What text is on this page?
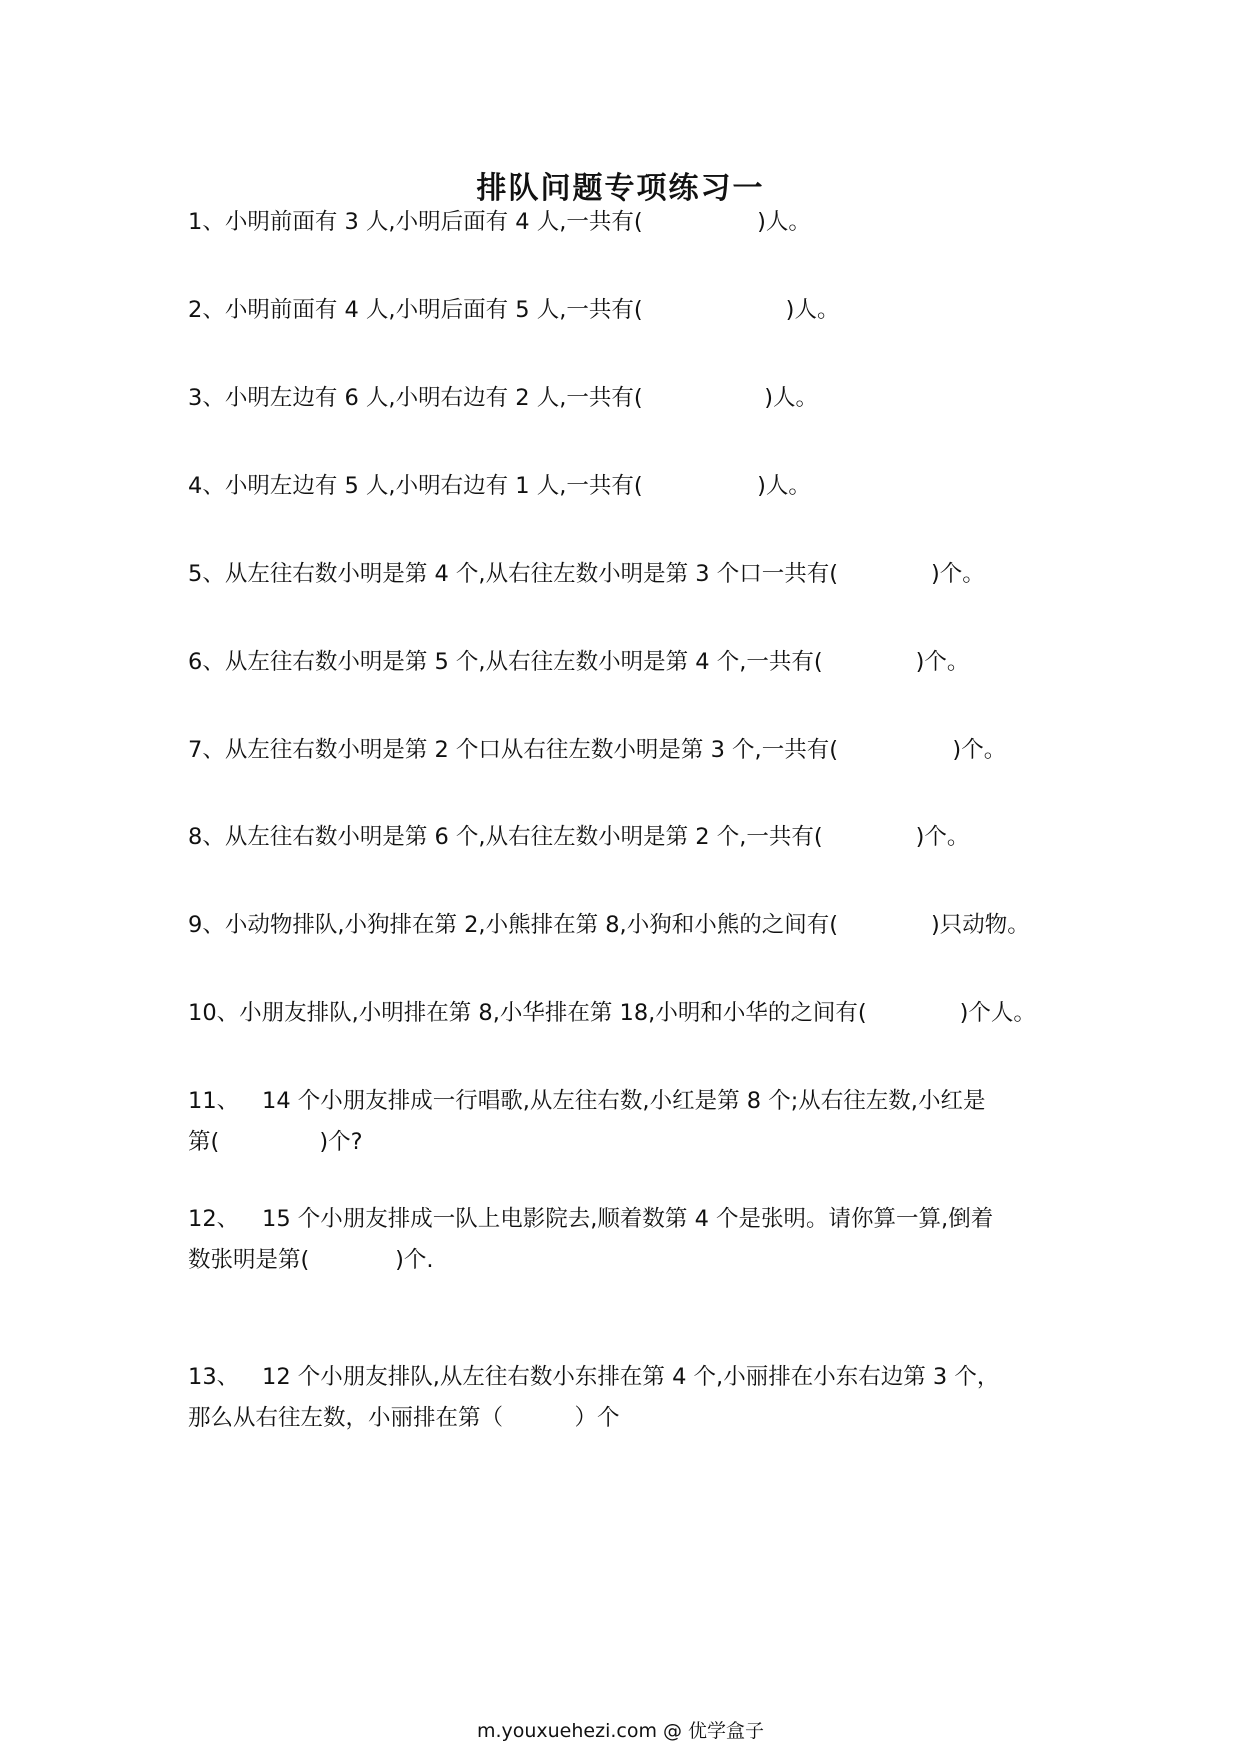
排队问题专项练习一
1、小明前面有 3 人,小明后面有 4 人,一共有(                )人。
2、小明前面有 4 人,小明后面有 5 人,一共有(                    )人。
3、小明左边有 6 人,小明右边有 2 人,一共有(                 )人。
4、小明左边有 5 人,小明右边有 1 人,一共有(                )人。
5、从左往右数小明是第 4 个,从右往左数小明是第 3 个口一共有(             )个。
6、从左往右数小明是第 5 个,从右往左数小明是第 4 个,一共有(             )个。
7、从左往右数小明是第 2 个口从右往左数小明是第 3 个,一共有(                )个。
8、从左往右数小明是第 6 个,从右往左数小明是第 2 个,一共有(             )个。
9、小动物排队,小狗排在第 2,小熊排在第 8,小狗和小熊的之间有(             )只动物。
10、小朋友排队,小明排在第 8,小华排在第 18,小明和小华的之间有(             )个人。
11、 14 个小朋友排成一行唱歌,从左往右数,小红是第 8 个;从右往左数,小红是
第(              )个?
12、 15 个小朋友排成一队上电影院去,顺着数第 4 个是张明。请你算一算,倒着
数张明是第(            )个.
13、 12 个小朋友排队,从左往右数小东排在第 4 个,小丽排在小东右边第 3 个，
那么从右往左数，小丽排在第（          ）个
m.youxuehezi.com @ 优学盒子
